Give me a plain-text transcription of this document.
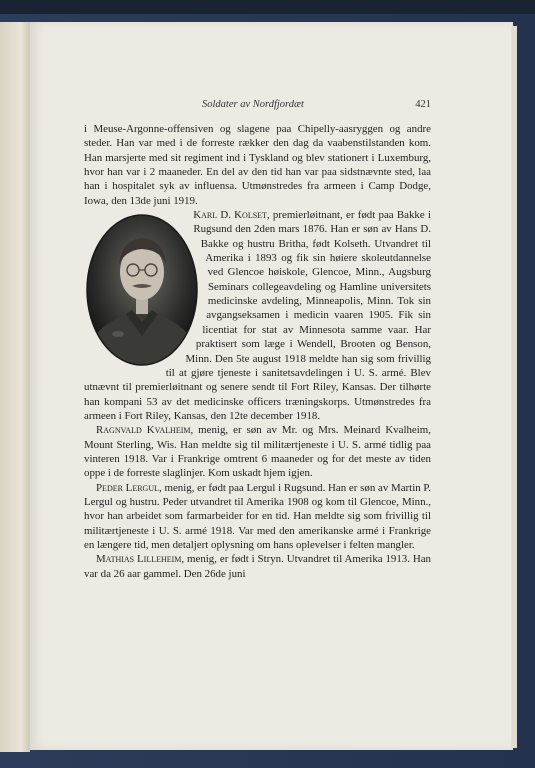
Soldater av Nordfjordæt	421

i Meuse-Argonne-offensiven og slagene paa Chipelly-aasryggen og andre steder. Han var med i de forreste rækker den dag da vaabenstilstanden kom. Han marsjerte med sit regiment ind i Tyskland og blev stationert i Luxemburg, hvor han var i 2 maaneder. En del av den tid han var paa sidstnævnte sted, laa han i hospitalet syk av influensa. Utmønstredes fra armeen i Camp Dodge, Iowa, den 13de juni 1919.

Karl D. Kolset, premierløitnant, er født paa Bakke i Rugsund den 2den mars 1876. Han er søn av Hans D. Bakke og hustru Britha, født Kolseth. Utvandret til Amerika i 1893 og fik sin høiere skoleutdannelse ved Glencoe høiskole, Glencoe, Minn., Augsburg Seminars collegeavdeling og Hamline universitets medicinske avdeling, Minneapolis, Minn. Tok sin avgangseksamen i medicin vaaren 1905. Fik sin licentiat for stat av Minnesota samme vaar. Har praktisert som læge i Wendell, Brooten og Benson, Minn. Den 5te august 1918 meldte han sig som frivillig til at gjøre tjeneste i sanitetsavdelingen i U. S. armé. Blev utnævnt til premierløitnant og senere sendt til Fort Riley, Kansas. Der tilhørte han kompani 53 av det medicinske officers træningskorps. Utmønstredes fra armeen i Fort Riley, Kansas, den 12te december 1918.

Ragnvald Kvalheim, menig, er søn av Mr. og Mrs. Meinard Kvalheim, Mount Sterling, Wis. Han meldte sig til militærtjeneste i U. S. armé tidlig paa vinteren 1918. Var i Frankrige omtrent 6 maaneder og for det meste av tiden oppe i de forreste slaglinjer. Kom uskadt hjem igjen.

Peder Lergul, menig, er født paa Lergul i Rugsund. Han er søn av Martin P. Lergul og hustru. Peder utvandret til Amerika 1908 og kom til Glencoe, Minn., hvor han arbeidet som farmarbeider for en tid. Han meldte sig som frivillig til militærtjeneste i U. S. armé 1918. Var med den amerikanske armé i Frankrige en længere tid, men detaljert oplysning om hans oplevelser i felten mangler.

Mathias Lilleheim, menig, er født i Stryn. Utvandret til Amerika 1913. Han var da 26 aar gammel. Den 26de juni
